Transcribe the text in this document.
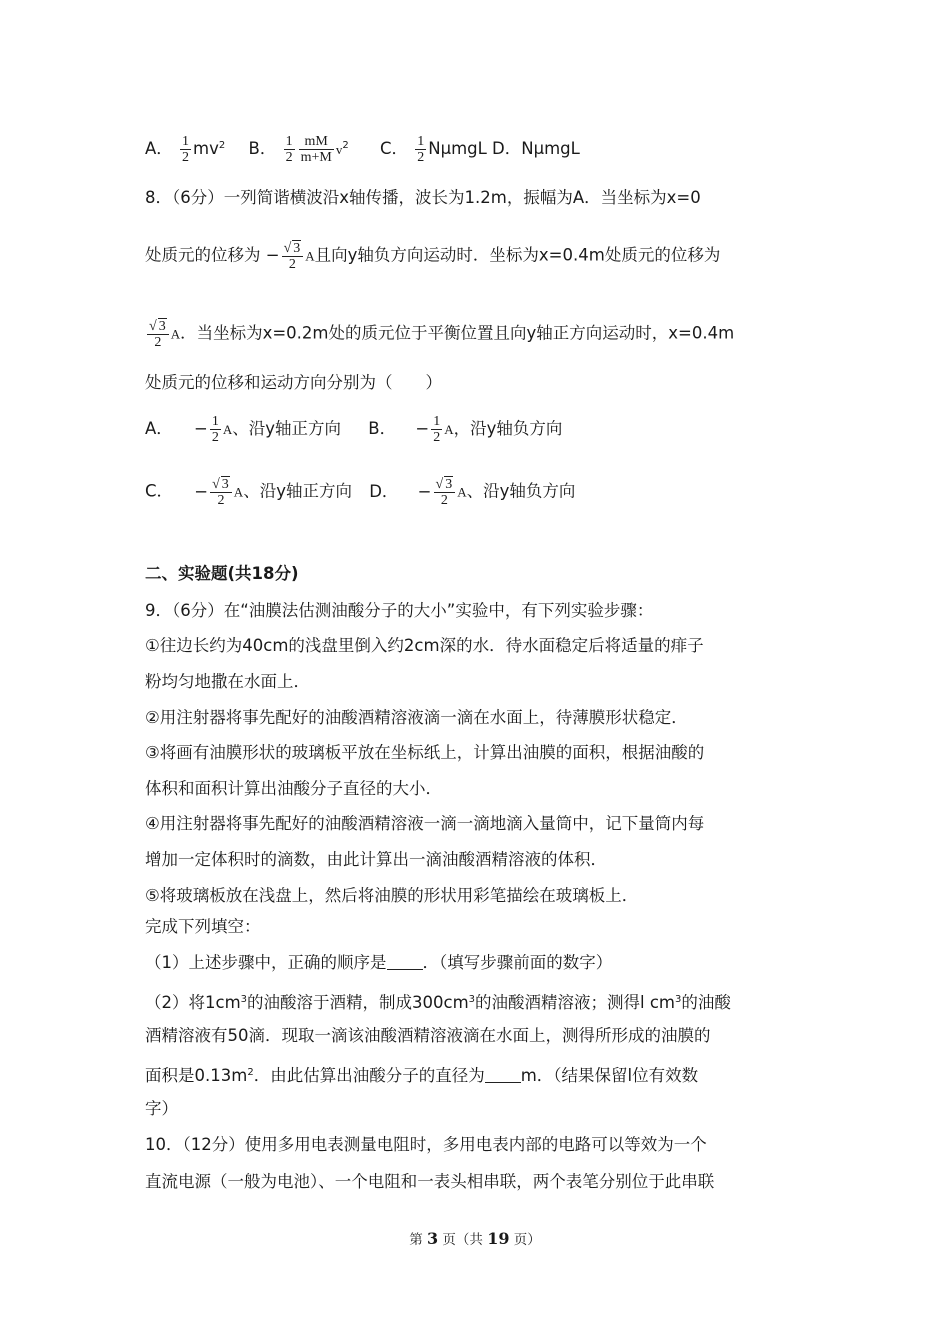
A． $\frac{1}{2} mv^2$ B． $\frac{1}{2} \frac{mM}{m+M} v^2$ C． $\frac{1}{2}$ NμmgL D．NμmgL
8．（6分）一列简谐横波沿x轴传播，波长为1.2m，振幅为A．当坐标为x=0
处质元的位移为 − $\frac{√ 3}{2}$ A且向y轴负方向运动时．坐标为x=0.4m处质元的位移为
$\frac{√ 3}{2}$ A．当坐标为x=0.2m处的质元位于平衡位置且向y轴正方向运动时，x=0.4m
处质元的位移和运动方向分别为（　　）
A． − $\frac{1}{2}$ A、沿y轴正方向 B． − $\frac{1}{2}$ A，沿y轴负方向
C． − $\frac{√ 3}{2}$ A、沿y轴正方向 D． − $\frac{√ 3}{2}$ A、沿y轴负方向
二、实验题(共18分)
9．（6分）在“油膜法估测油酸分子的大小”实验中，有下列实验步骤：
①往边长约为40cm的浅盘里倒入约2cm深的水．待水面稳定后将适量的痱子
粉均匀地撒在水面上．
②用注射器将事先配好的油酸酒精溶液滴一滴在水面上，待薄膜形状稳定．
③将画有油膜形状的玻璃板平放在坐标纸上，计算出油膜的面积，根据油酸的
体积和面积计算出油酸分子直径的大小．
④用注射器将事先配好的油酸酒精溶液一滴一滴地滴入量筒中，记下量筒内每
增加一定体积时的滴数，由此计算出一滴油酸酒精溶液的体积．
⑤将玻璃板放在浅盘上，然后将油膜的形状用彩笔描绘在玻璃板上．
完成下列填空：
（1）上述步骤中，正确的顺序是 ．（填写步骤前面的数字）
（2）将$1cm^3$的油酸溶于酒精，制成$300cm^3$的油酸酒精溶液；测得l $cm^3$的油酸
酒精溶液有50滴．现取一滴该油酸酒精溶液滴在水面上，测得所形成的油膜的
面积是$0.13m^2$．由此估算出油酸分子的直径为 m．（结果保留l位有效数
字）
10．（12分）使用多用电表测量电阻时，多用电表内部的电路可以等效为一个
直流电源（一般为电池）、一个电阻和一表头相串联，两个表笔分别位于此串联
第 3 页（共 19 页）
